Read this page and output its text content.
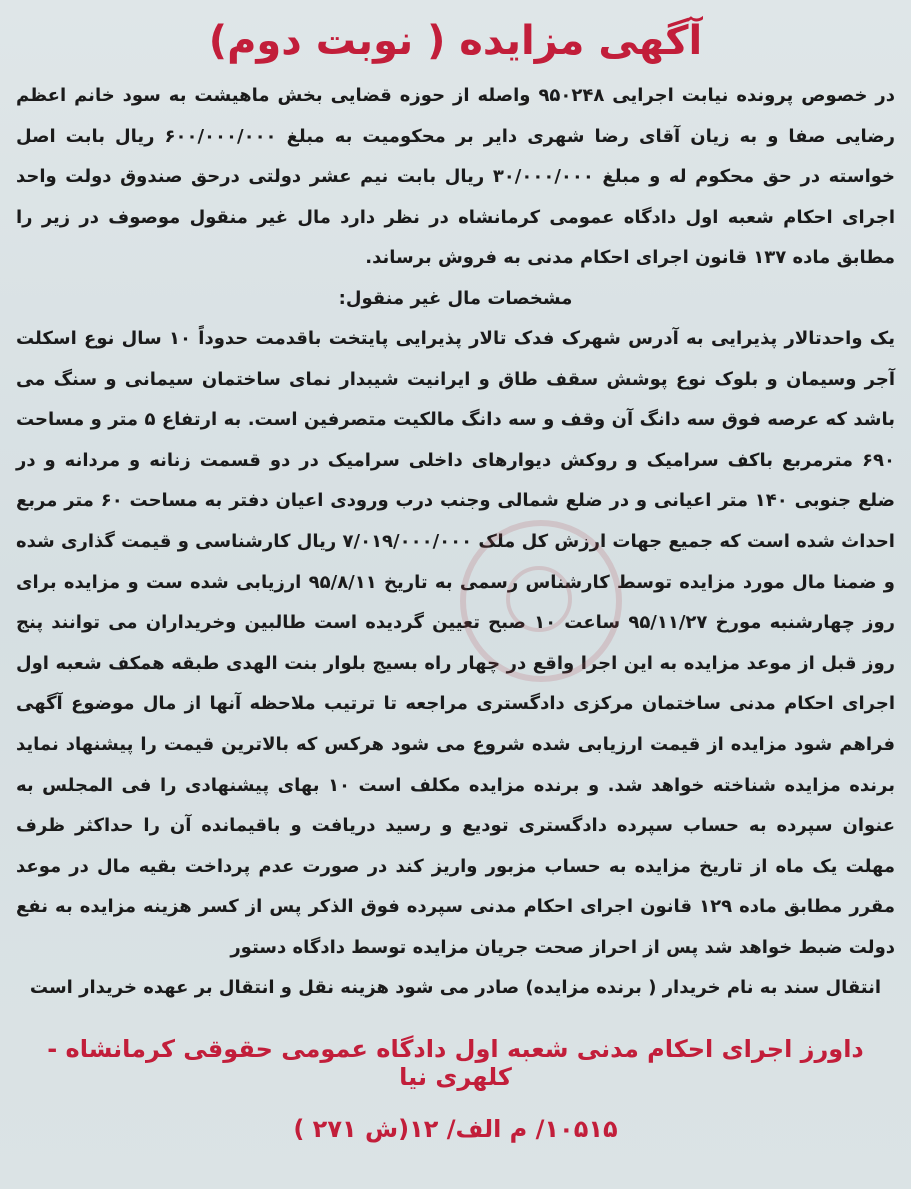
آگهی مزایده ( نوبت دوم)

در خصوص پرونده نیابت اجرایی ۹۵۰۲۴۸ واصله از حوزه قضایی بخش ماهیشت به سود خانم اعظم رضایی صفا و به زیان آقای رضا شهری دایر بر محکومیت به مبلغ ۶۰۰/۰۰۰/۰۰۰ ریال بابت اصل خواسته در حق محکوم له و مبلغ ۳۰/۰۰۰/۰۰۰ ریال بابت نیم عشر دولتی درحق صندوق دولت واحد اجرای احکام شعبه اول دادگاه عمومی کرمانشاه در نظر دارد مال غیر منقول موصوف در زیر را مطابق ماده ۱۳۷ قانون اجرای احکام مدنی به فروش برساند.

مشخصات مال غیر منقول:

یک واحدتالار پذیرایی به آدرس شهرک فدک تالار پذیرایی پایتخت باقدمت حدوداً ۱۰ سال نوع اسکلت آجر وسیمان و بلوک نوع پوشش سقف طاق و ایرانیت شیبدار نمای ساختمان سیمانی و سنگ می باشد که عرصه فوق سه دانگ آن وقف و سه دانگ مالکیت متصرفین است. به ارتفاع ۵ متر و مساحت ۶۹۰ مترمربع باکف سرامیک و روکش دیوارهای داخلی سرامیک در دو قسمت زنانه و مردانه و در ضلع جنوبی ۱۴۰ متر اعیانی و در ضلع شمالی وجنب درب ورودی اعیان دفتر به مساحت ۶۰ متر مربع احداث شده است که جمیع جهات ارزش کل ملک ۷/۰۱۹/۰۰۰/۰۰۰ ریال کارشناسی و قیمت گذاری شده و ضمنا مال مورد مزایده توسط کارشناس رسمی به تاریخ ۹۵/۸/۱۱ ارزیابی شده ست و مزایده برای روز چهارشنبه مورخ ۹۵/۱۱/۲۷ ساعت ۱۰ صبح تعیین گردیده است طالبین وخریداران می توانند پنج روز قبل از موعد مزایده به این اجرا واقع در چهار راه بسیج بلوار بنت الهدی طبقه همکف شعبه اول اجرای احکام مدنی ساختمان مرکزی دادگستری مراجعه تا ترتیب ملاحظه آنها از مال موضوع آگهی فراهم شود مزایده از قیمت ارزیابی شده شروع می شود هرکس که بالاترین قیمت را پیشنهاد نماید برنده مزایده شناخته خواهد شد. و برنده مزایده مکلف است ۱۰ بهای پیشنهادی را فی المجلس به عنوان سپرده به حساب سپرده دادگستری تودیع و رسید دریافت و باقیمانده آن را حداکثر ظرف مهلت یک ماه از تاریخ مزایده به حساب مزبور واریز کند در صورت عدم پرداخت بقیه مال در موعد مقرر مطابق ماده ۱۲۹ قانون اجرای احکام مدنی سپرده فوق الذکر پس از کسر هزینه مزایده به نفع دولت ضبط خواهد شد پس از احراز صحت جریان مزایده توسط دادگاه دستور

انتقال سند به نام خریدار ( برنده مزایده) صادر می شود هزینه نقل و انتقال بر عهده خریدار است

داورز اجرای احکام مدنی شعبه اول دادگاه عمومی حقوقی کرمانشاه - کلهری نیا
۱۰۵۱۵/ م الف/ ۱۲(ش ۲۷۱ )
